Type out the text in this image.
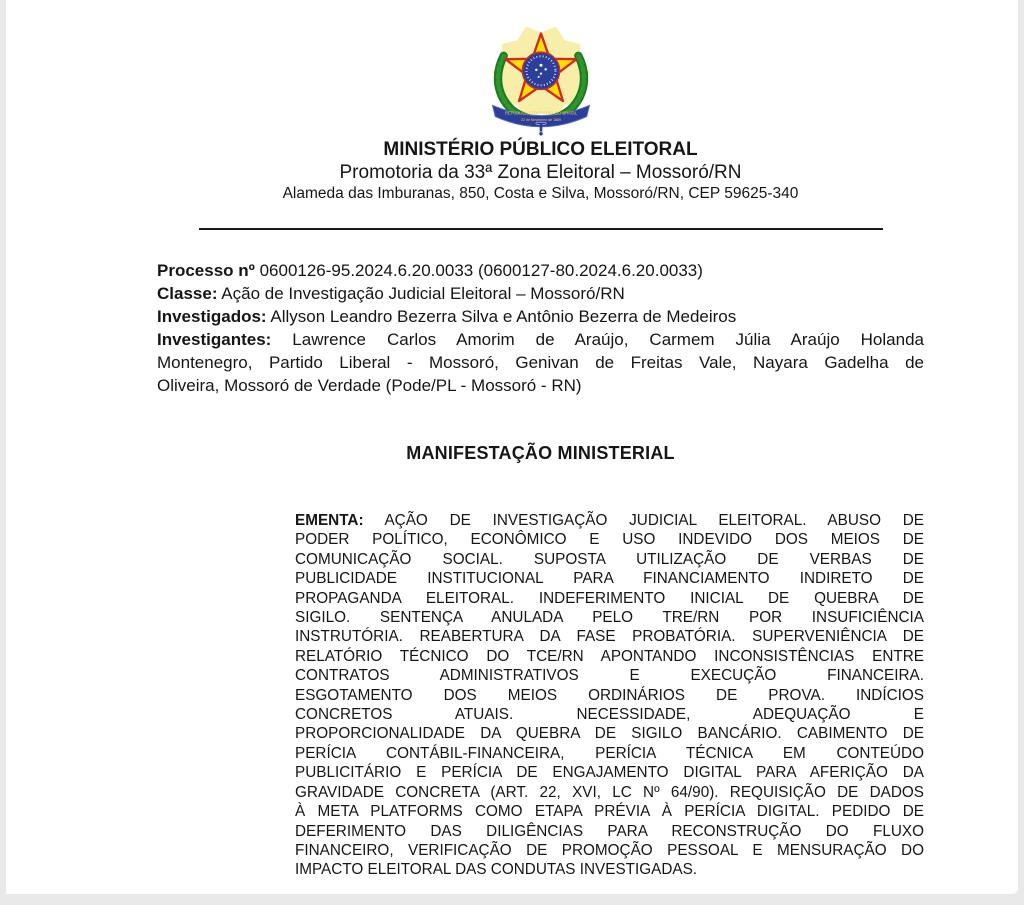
REPÚBLICA FEDERATIVA DO BRASIL
22 de Novembro de 1889
MINISTÉRIO PÚBLICO ELEITORAL
Promotoria da 33ª Zona Eleitoral – Mossoró/RN
Alameda das Imburanas, 850, Costa e Silva, Mossoró/RN, CEP 59625-340
Processo nº 0600126-95.2024.6.20.0033 (0600127-80.2024.6.20.0033)
Classe: Ação de Investigação Judicial Eleitoral – Mossoró/RN
Investigados: Allyson Leandro Bezerra Silva e Antônio Bezerra de Medeiros
Investigantes: Lawrence Carlos Amorim de Araújo, Carmem Júlia Araújo Holanda
Montenegro, Partido Liberal - Mossoró, Genivan de Freitas Vale, Nayara Gadelha de
Oliveira, Mossoró de Verdade (Pode/PL - Mossoró - RN)
MANIFESTAÇÃO MINISTERIAL
EMENTA: AÇÃO DE INVESTIGAÇÃO JUDICIAL ELEITORAL. ABUSO DE
PODER POLÍTICO, ECONÔMICO E USO INDEVIDO DOS MEIOS DE
COMUNICAÇÃO SOCIAL. SUPOSTA UTILIZAÇÃO DE VERBAS DE
PUBLICIDADE INSTITUCIONAL PARA FINANCIAMENTO INDIRETO DE
PROPAGANDA ELEITORAL. INDEFERIMENTO INICIAL DE QUEBRA DE
SIGILO. SENTENÇA ANULADA PELO TRE/RN POR INSUFICIÊNCIA
INSTRUTÓRIA. REABERTURA DA FASE PROBATÓRIA. SUPERVENIÊNCIA DE
RELATÓRIO TÉCNICO DO TCE/RN APONTANDO INCONSISTÊNCIAS ENTRE
CONTRATOS ADMINISTRATIVOS E EXECUÇÃO FINANCEIRA.
ESGOTAMENTO DOS MEIOS ORDINÁRIOS DE PROVA. INDÍCIOS
CONCRETOS ATUAIS. NECESSIDADE, ADEQUAÇÃO E
PROPORCIONALIDADE DA QUEBRA DE SIGILO BANCÁRIO. CABIMENTO DE
PERÍCIA CONTÁBIL-FINANCEIRA, PERÍCIA TÉCNICA EM CONTEÚDO
PUBLICITÁRIO E PERÍCIA DE ENGAJAMENTO DIGITAL PARA AFERIÇÃO DA
GRAVIDADE CONCRETA (ART. 22, XVI, LC Nº 64/90). REQUISIÇÃO DE DADOS
À META PLATFORMS COMO ETAPA PRÉVIA À PERÍCIA DIGITAL. PEDIDO DE
DEFERIMENTO DAS DILIGÊNCIAS PARA RECONSTRUÇÃO DO FLUXO
FINANCEIRO, VERIFICAÇÃO DE PROMOÇÃO PESSOAL E MENSURAÇÃO DO
IMPACTO ELEITORAL DAS CONDUTAS INVESTIGADAS.
